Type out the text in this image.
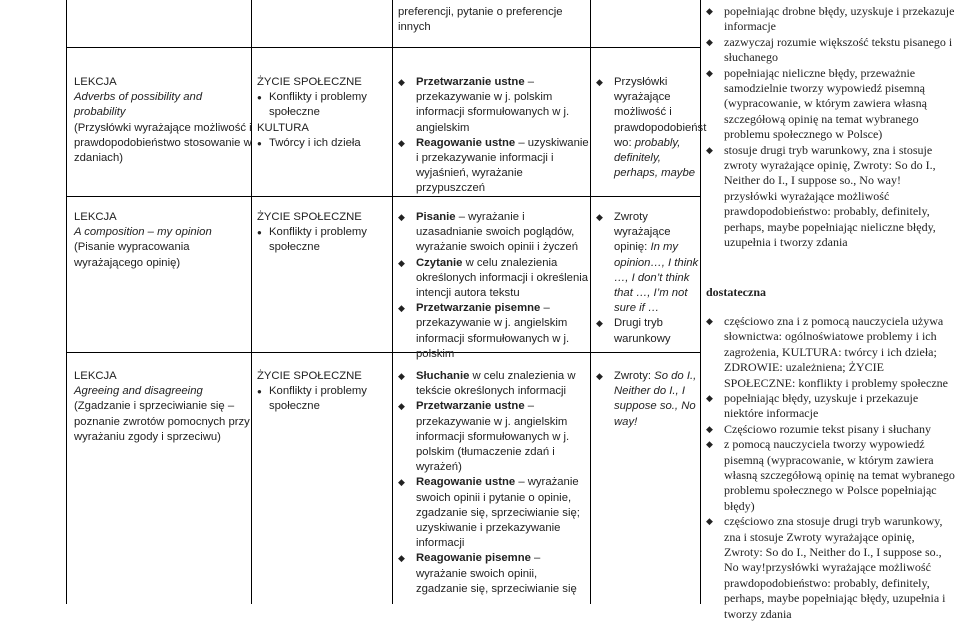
preferencji, pytanie o preferencje innych
◆ popełniając drobne błędy, uzyskuje i przekazuje informacje
◆ zazwyczaj rozumie większość tekstu pisanego i słuchanego
◆ popełniając nieliczne błędy, przeważnie samodzielnie tworzy wypowiedź pisemną (wypracowanie, w którym zawiera własną szczegółową opinię na temat wybranego problemu społecznego w Polsce)
◆ stosuje drugi tryb warunkowy, zna i stosuje zwroty wyrażające opinię, Zwroty: So do I., Neither do I., I suppose so., No way! przysłówki wyrażające możliwość prawdopodobieństwo: probably, definitely, perhaps, maybe popełniając nieliczne błędy, uzupełnia i tworzy zdania
dostateczna
◆ częściowo zna i z pomocą nauczyciela używa słownictwa: ogólnoświatowe problemy i ich zagrożenia, KULTURA: twórcy i ich dzieła; ZDROWIE: uzależniena; ŻYCIE SPOŁECZNE: konflikty i problemy społeczne
◆ popełniając błędy, uzyskuje i przekazuje niektóre informacje
◆ Częściowo rozumie tekst pisany i słuchany
◆ z pomocą nauczyciela tworzy wypowiedź pisemną (wypracowanie, w którym zawiera własną szczegółową opinię na temat wybranego problemu społecznego w Polsce popełniając błędy)
◆ częściowo zna stosuje drugi tryb warunkowy, zna i stosuje Zwroty wyrażające opinię, Zwroty: So do I., Neither do I., I suppose so., No way!przysłówki wyrażające możliwość prawdopodobieństwo: probably, definitely, perhaps, maybe popełniając błędy, uzupełnia i tworzy zdania
LEKCJA
Adverbs of possibility and probability
(Przysłówki wyrażające możliwość i prawdopodobieństwo stosowanie w zdaniach)
ŻYCIE SPOŁECZNE
● Konflikty i problemy społeczne
KULTURA
● Twórcy i ich dzieła
◆ Przetwarzanie ustne – przekazywanie w j. polskim informacji sformułowanych w j. angielskim
◆ Reagowanie ustne – uzyskiwanie i przekazywanie informacji i wyjaśnień, wyrażanie przypuszczeń
◆ Przysłówki wyrażające możliwość i prawdopodobieńst wo: probably, definitely, perhaps, maybe
LEKCJA
A composition – my opinion
(Pisanie wypracowania wyrażającego opinię)
ŻYCIE SPOŁECZNE
● Konflikty i problemy społeczne
◆ Pisanie – wyrażanie i uzasadnianie swoich poglądów, wyrażanie swoich opinii i życzeń
◆ Czytanie w celu znalezienia określonych informacji i określenia intencji autora tekstu
◆ Przetwarzanie pisemne – przekazywanie w j. angielskim informacji sformułowanych w j. polskim
◆ Zwroty wyrażające opinię: In my opinion…, I think …, I don’t think that …, I’m not sure if …
◆ Drugi tryb warunkowy
LEKCJA
Agreeing and disagreeing
(Zgadzanie i sprzeciwianie się – poznanie zwrotów pomocnych przy wyrażaniu zgody i sprzeciwu)
ŻYCIE SPOŁECZNE
● Konflikty i problemy społeczne
◆ Słuchanie w celu znalezienia w tekście określonych informacji
◆ Przetwarzanie ustne – przekazywanie w j. angielskim informacji sformułowanych w j. polskim (tłumaczenie zdań i wyrażeń)
◆ Reagowanie ustne – wyrażanie swoich opinii i pytanie o opinie, zgadzanie się, sprzeciwianie się; uzyskiwanie i przekazywanie informacji
◆ Reagowanie pisemne – wyrażanie swoich opinii, zgadzanie się, sprzeciwianie się
◆ Zwroty: So do I., Neither do I., I suppose so., No way!
